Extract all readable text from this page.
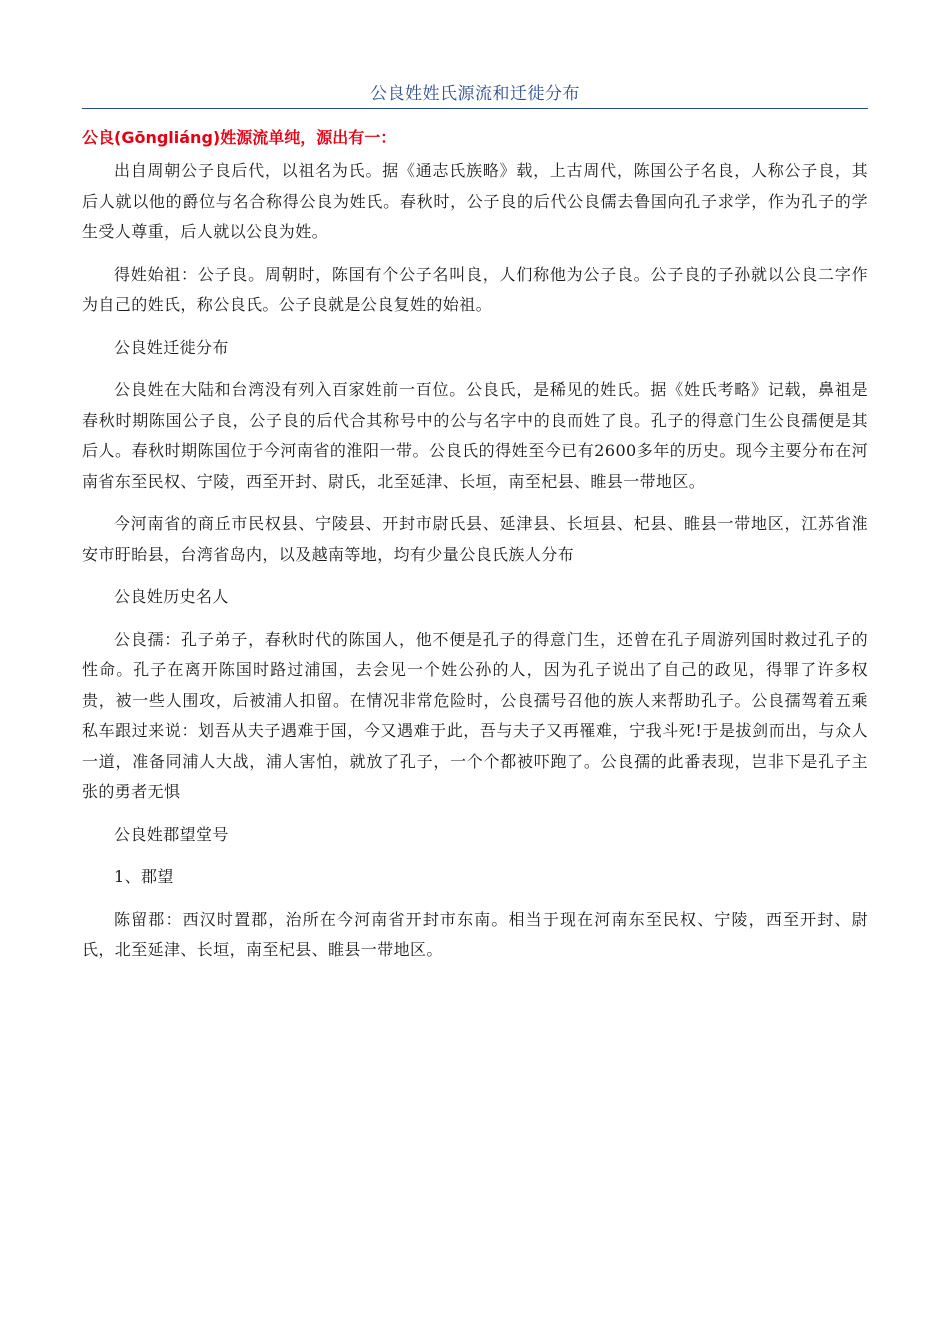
公良姓姓氏源流和迁徙分布
公良(Gōngliáng)姓源流单纯，源出有一：

出自周朝公子良后代，以祖名为氏。据《通志氏族略》载，上古周代，陈国公子名良，人称公子良，其后人就以他的爵位与名合称得公良为姓氏。春秋时，公子良的后代公良儒去鲁国向孔子求学，作为孔子的学生受人尊重，后人就以公良为姓。

得姓始祖：公子良。周朝时，陈国有个公子名叫良，人们称他为公子良。公子良的子孙就以公良二字作为自己的姓氏，称公良氏。公子良就是公良复姓的始祖。

公良姓迁徙分布

公良姓在大陆和台湾没有列入百家姓前一百位。公良氏，是稀见的姓氏。据《姓氏考略》记载，鼻祖是春秋时期陈国公子良，公子良的后代合其称号中的公与名字中的良而姓了良。孔子的得意门生公良孺便是其后人。春秋时期陈国位于今河南省的淮阳一带。公良氏的得姓至今已有2600多年的历史。现今主要分布在河南省东至民权、宁陵，西至开封、尉氏，北至延津、长垣，南至杞县、睢县一带地区。

今河南省的商丘市民权县、宁陵县、开封市尉氏县、延津县、长垣县、杞县、睢县一带地区，江苏省淮安市盱眙县，台湾省岛内，以及越南等地，均有少量公良氏族人分布

公良姓历史名人

公良孺：孔子弟子，春秋时代的陈国人，他不便是孔子的得意门生，还曾在孔子周游列国时救过孔子的性命。孔子在离开陈国时路过浦国，去会见一个姓公孙的人，因为孔子说出了自己的政见，得罪了许多权贵，被一些人围攻，后被浦人扣留。在情况非常危险时，公良孺号召他的族人来帮助孔子。公良孺驾着五乘私车跟过来说：划吾从夫子遇难于国，今又遇难于此，吾与夫子又再罹难，宁我斗死!于是拔剑而出，与众人一道，准备同浦人大战，浦人害怕，就放了孔子，一个个都被吓跑了。公良孺的此番表现，岂非下是孔子主张的勇者无惧

公良姓郡望堂号

1、郡望

陈留郡：西汉时置郡，治所在今河南省开封市东南。相当于现在河南东至民权、宁陵，西至开封、尉氏，北至延津、长垣，南至杞县、睢县一带地区。
